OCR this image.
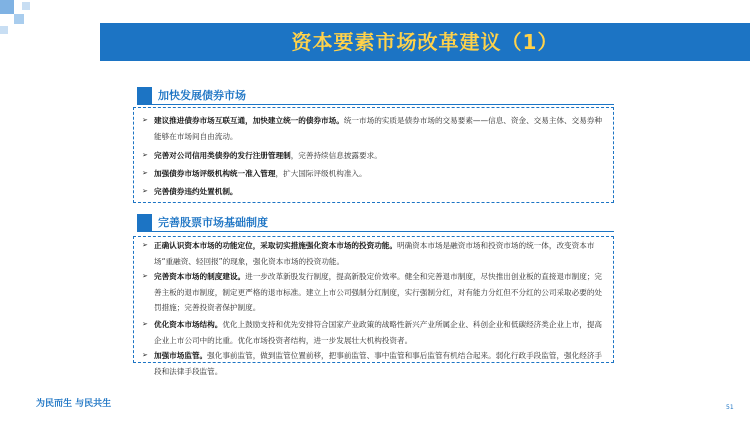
资本要素市场改革建议（1）
加快发展债券市场
➢ 建议推进债券市场互联互通，加快建立统一的债券市场。统一市场的实质是债券市场的交易要素——信息、资金、交易主体、交易券种能够在市场间自由流动。
➢ 完善对公司信用类债券的发行注册管理制，完善持续信息披露要求。
➢ 加强债券市场评级机构统一准入管理，扩大国际评级机构准入。
➢ 完善债券违约处置机制。
完善股票市场基础制度
➢ 正确认识资本市场的功能定位，采取切实措施强化资本市场的投资功能。明确资本市场是融资市场和投资市场的统一体，改变资本市场“重融资、轻回报”的现象，强化资本市场的投资功能。
➢ 完善资本市场的制度建设。进一步改革新股发行制度，提高新股定价效率。健全和完善退市制度，尽快推出创业板的直接退市制度；完善主板的退市制度，制定更严格的退市标准。建立上市公司强制分红制度，实行强制分红，对有能力分红但不分红的公司采取必要的处罚措施；完善投资者保护制度。
➢ 优化资本市场结构。优化上鼓励支持和优先安排符合国家产业政策的战略性新兴产业所属企业、科创企业和低碳经济类企业上市，提高企业上市公司中的比重。优化市场投资者结构，进一步发展壮大机构投资者。
➢ 加强市场监管。强化事前监管，做到监管位置前移，把事前监管、事中监管和事后监管有机结合起来。弱化行政手段监管，强化经济手段和法律手段监管。
为民而生 与民共生	51
